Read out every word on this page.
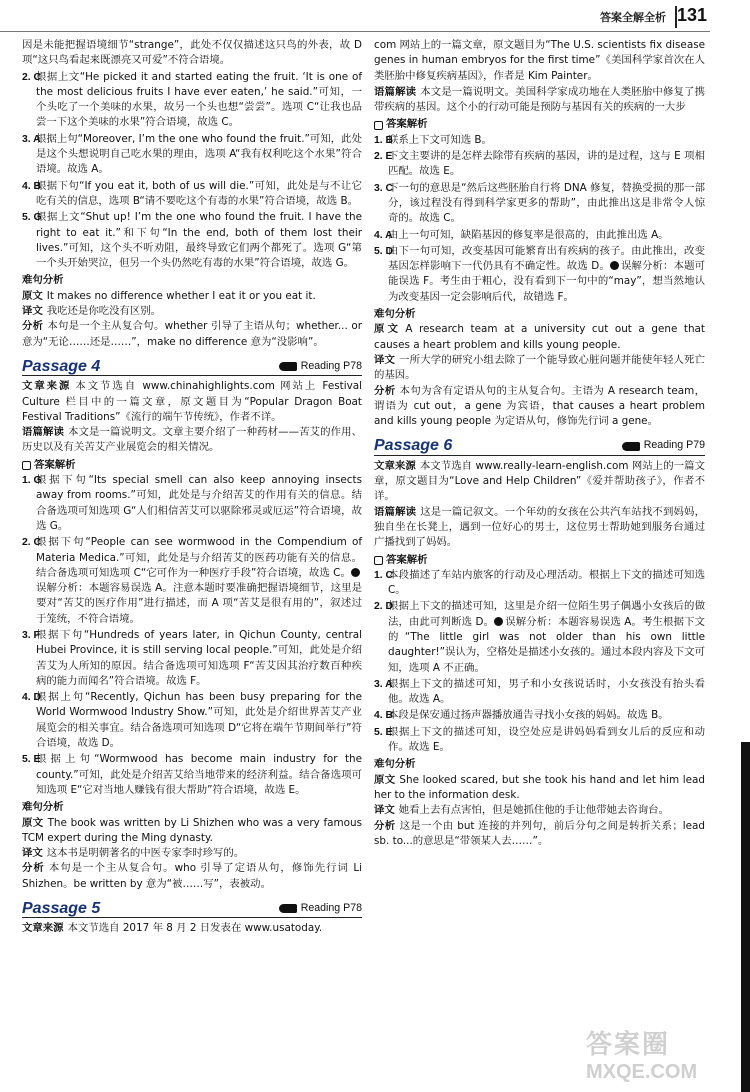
答案全解全析 131

因是未能把握语境细节“strange”，此处不仅仅描述这只鸟的外表，故 D 项“这只鸟看起来既漂亮又可爱”不符合语境。

2. C

根据上文“He picked it and started eating the fruit. ‘It is one of the most delicious fruits I have ever eaten,’ he said.”可知，一个头吃了一个美味的水果，故另一个头也想“尝尝”。选项 C“让我也品尝一下这个美味的水果”符合语境，故选 C。

3. A

根据上句“Moreover, I’m the one who found the fruit.”可知，此处是这个头想说明自己吃水果的理由，选项 A“我有权利吃这个水果”符合语境。故选 A。

4. B

根据下句“If you eat it, both of us will die.”可知，此处是与不让它吃有关的信息，选项 B“请不要吃这个有毒的水果”符合语境，故选 B。

5. G

根据上文“Shut up! I’m the one who found the fruit. I have the right to eat it.”和下句“In the end, both of them lost their lives.”可知，这个头不听劝阻，最终导致它们两个都死了。选项 G“第一个头开始哭泣，但另一个头仍然吃有毒的水果”符合语境，故选 G。

难句分析

原文 It makes no difference whether I eat it or you eat it.

译文 我吃还是你吃没有区别。

分析 本句是一个主从复合句。whether 引导了主语从句；whether... or 意为“无论……还是……”，make no difference 意为“没影响”。

Passage 4	Reading P78

文章来源 本文节选自 www.chinahighlights.com 网站上 Festival Culture 栏目中的一篇文章，原文题目为“Popular Dragon Boat Festival Traditions”《流行的端午节传统》，作者不详。

语篇解读 本文是一篇说明文。文章主要介绍了一种药材——苦艾的作用、历史以及有关苦艾产业展览会的相关情况。

答案解析
1. G

根据下句“Its special smell can also keep annoying insects away from rooms.”可知，此处是与介绍苦艾的作用有关的信息。结合备选项可知选项 G“人们相信苦艾可以驱除邪灵或厄运”符合语境，故选 G。

2. C

根据下句“People can see wormwood in the Compendium of Materia Medica.”可知，此处是与介绍苦艾的医药功能有关的信息。结合备选项可知选项 C“它可作为一种医疗手段”符合语境，故选 C。误解分析：本题容易误选 A。注意本题时要准确把握语境细节，这里是要对“苦艾的医疗作用”进行描述，而 A 项“苦艾是很有用的”，叙述过于笼统，不符合语境。

3. F

根据下句“Hundreds of years later, in Qichun County, central Hubei Province, it is still serving local people.”可知，此处是介绍苦艾为人所知的原因。结合备选项可知选项 F“苦艾因其治疗数百种疾病的能力而闻名”符合语境。故选 F。

4. D

根据上句“Recently, Qichun has been busy preparing for the World Wormwood Industry Show.”可知，此处是介绍世界苦艾产业展览会的相关事宜。结合备选项可知选项 D“它将在端午节期间举行”符合语境，故选 D。

5. E

根据上句“Wormwood has become main industry for the county.”可知，此处是介绍苦艾给当地带来的经济利益。结合备选项可知选项 E“它对当地人赚钱有很大帮助”符合语境，故选 E。

难句分析

原文 The book was written by Li Shizhen who was a very famous TCM expert during the Ming dynasty.

译文 这本书是明朝著名的中医专家李时珍写的。

分析 本句是一个主从复合句。who 引导了定语从句，修饰先行词 Li Shizhen。be written by 意为“被……写”，表被动。

Passage 5	Reading P78

文章来源 本文节选自 2017 年 8 月 2 日发表在 www.usatoday.

com 网站上的一篇文章，原文题目为“The U.S. scientists fix disease genes in human embryos for the first time”《美国科学家首次在人类胚胎中修复疾病基因》，作者是 Kim Painter。

语篇解读 本文是一篇说明文。美国科学家成功地在人类胚胎中修复了携带疾病的基因。这个小的行动可能是预防与基因有关的疾病的一大步

答案解析
1. B

联系上下文可知选 B。

2. E

下文主要讲的是怎样去除带有疾病的基因，讲的是过程，这与 E 项相匹配。故选 E。

3. C

下一句的意思是“然后这些胚胎自行将 DNA 修复，替换受损的那一部分，该过程没有得到科学家更多的帮助”，由此推出这是非常令人惊奇的。故选 C。

4. A

由上一句可知，缺陷基因的修复率是很高的，由此推出选 A。

5. D

由下一句可知，改变基因可能繁育出有疾病的孩子。由此推出，改变基因怎样影响下一代仍具有不确定性。故选 D。 误解分析：本题可能误选 F。考生由于粗心，没有看到下一句中的“may”，想当然地认为改变基因一定会影响后代，故错选 F。

难句分析

原文 A research team at a university cut out a gene that causes a heart problem and kills young people.

译文 一所大学的研究小组去除了一个能导致心脏问题并能使年轻人死亡的基因。

分析 本句为含有定语从句的主从复合句。主语为 A research team，谓语为 cut out，a gene 为宾语，that causes a heart problem and kills young people 为定语从句，修饰先行词 a gene。

Passage 6	Reading P79

文章来源 本文节选自 www.really-learn-english.com 网站上的一篇文章，原文题目为“Love and Help Children”《爱并帮助孩子》，作者不详。

语篇解读 这是一篇记叙文。一个年幼的女孩在公共汽车站找不到妈妈，独自坐在长凳上，遇到一位好心的男士，这位男士帮助她到服务台通过广播找到了妈妈。

答案解析
1. C

本段描述了车站内旅客的行动及心理活动。根据上下文的描述可知选 C。

2. D

根据上下文的描述可知，这里是介绍一位陌生男子偶遇小女孩后的做法，由此可判断选 D。 误解分析：本题容易误选 A。考生根据下文的“The little girl was not older than his own little daughter!”误认为，空格处是描述小女孩的。通过本段内容及下文可知，选项 A 不正确。

3. A

根据上下文的描述可知，男子和小女孩说话时，小女孩没有抬头看他。故选 A。

4. B

本段是保安通过扬声器播放通告寻找小女孩的妈妈。故选 B。

5. E

根据上下文的描述可知，设空处应是讲妈妈看到女儿后的反应和动作。故选 E。

难句分析

原文 She looked scared, but she took his hand and let him lead her to the information desk.

译文 她看上去有点害怕，但是她抓住他的手让他带她去咨询台。

分析 这是一个由 but 连接的并列句，前后分句之间是转折关系；lead sb. to...的意思是“带领某人去……”。

答案圈
MXQE.COM
